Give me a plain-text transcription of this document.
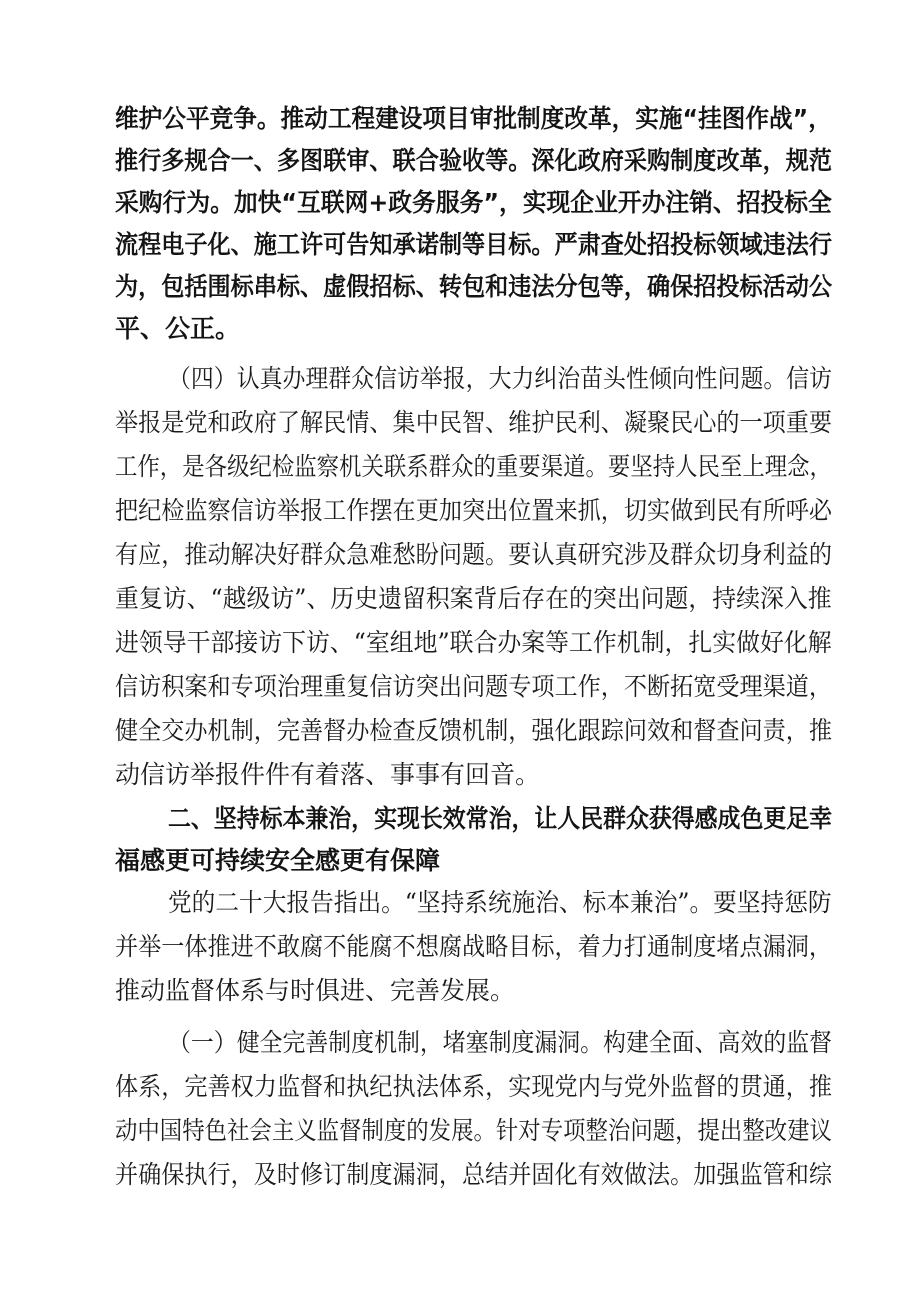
维护公平竞争。推动工程建设项目审批制度改革，实施“挂图作战”，
推行多规合一、多图联审、联合验收等。深化政府采购制度改革，规范
采购行为。加快“互联网+政务服务”，实现企业开办注销、招投标全
流程电子化、施工许可告知承诺制等目标。严肃查处招投标领域违法行
为，包括围标串标、虚假招标、转包和违法分包等，确保招投标活动公
平、公正。
（四）认真办理群众信访举报，大力纠治苗头性倾向性问题。信访
举报是党和政府了解民情、集中民智、维护民利、凝聚民心的一项重要
工作，是各级纪检监察机关联系群众的重要渠道。要坚持人民至上理念，
把纪检监察信访举报工作摆在更加突出位置来抓，切实做到民有所呼必
有应，推动解决好群众急难愁盼问题。要认真研究涉及群众切身利益的
重复访、“越级访”、历史遗留积案背后存在的突出问题，持续深入推
进领导干部接访下访、“室组地”联合办案等工作机制，扎实做好化解
信访积案和专项治理重复信访突出问题专项工作，不断拓宽受理渠道，
健全交办机制，完善督办检查反馈机制，强化跟踪问效和督查问责，推
动信访举报件件有着落、事事有回音。
二、坚持标本兼治，实现长效常治，让人民群众获得感成色更足幸
福感更可持续安全感更有保障
党的二十大报告指出。“坚持系统施治、标本兼治”。要坚持惩防
并举一体推进不敢腐不能腐不想腐战略目标，着力打通制度堵点漏洞，
推动监督体系与时俱进、完善发展。
（一）健全完善制度机制，堵塞制度漏洞。构建全面、高效的监督
体系，完善权力监督和执纪执法体系，实现党内与党外监督的贯通，推
动中国特色社会主义监督制度的发展。针对专项整治问题，提出整改建议
并确保执行，及时修订制度漏洞，总结并固化有效做法。加强监管和综
